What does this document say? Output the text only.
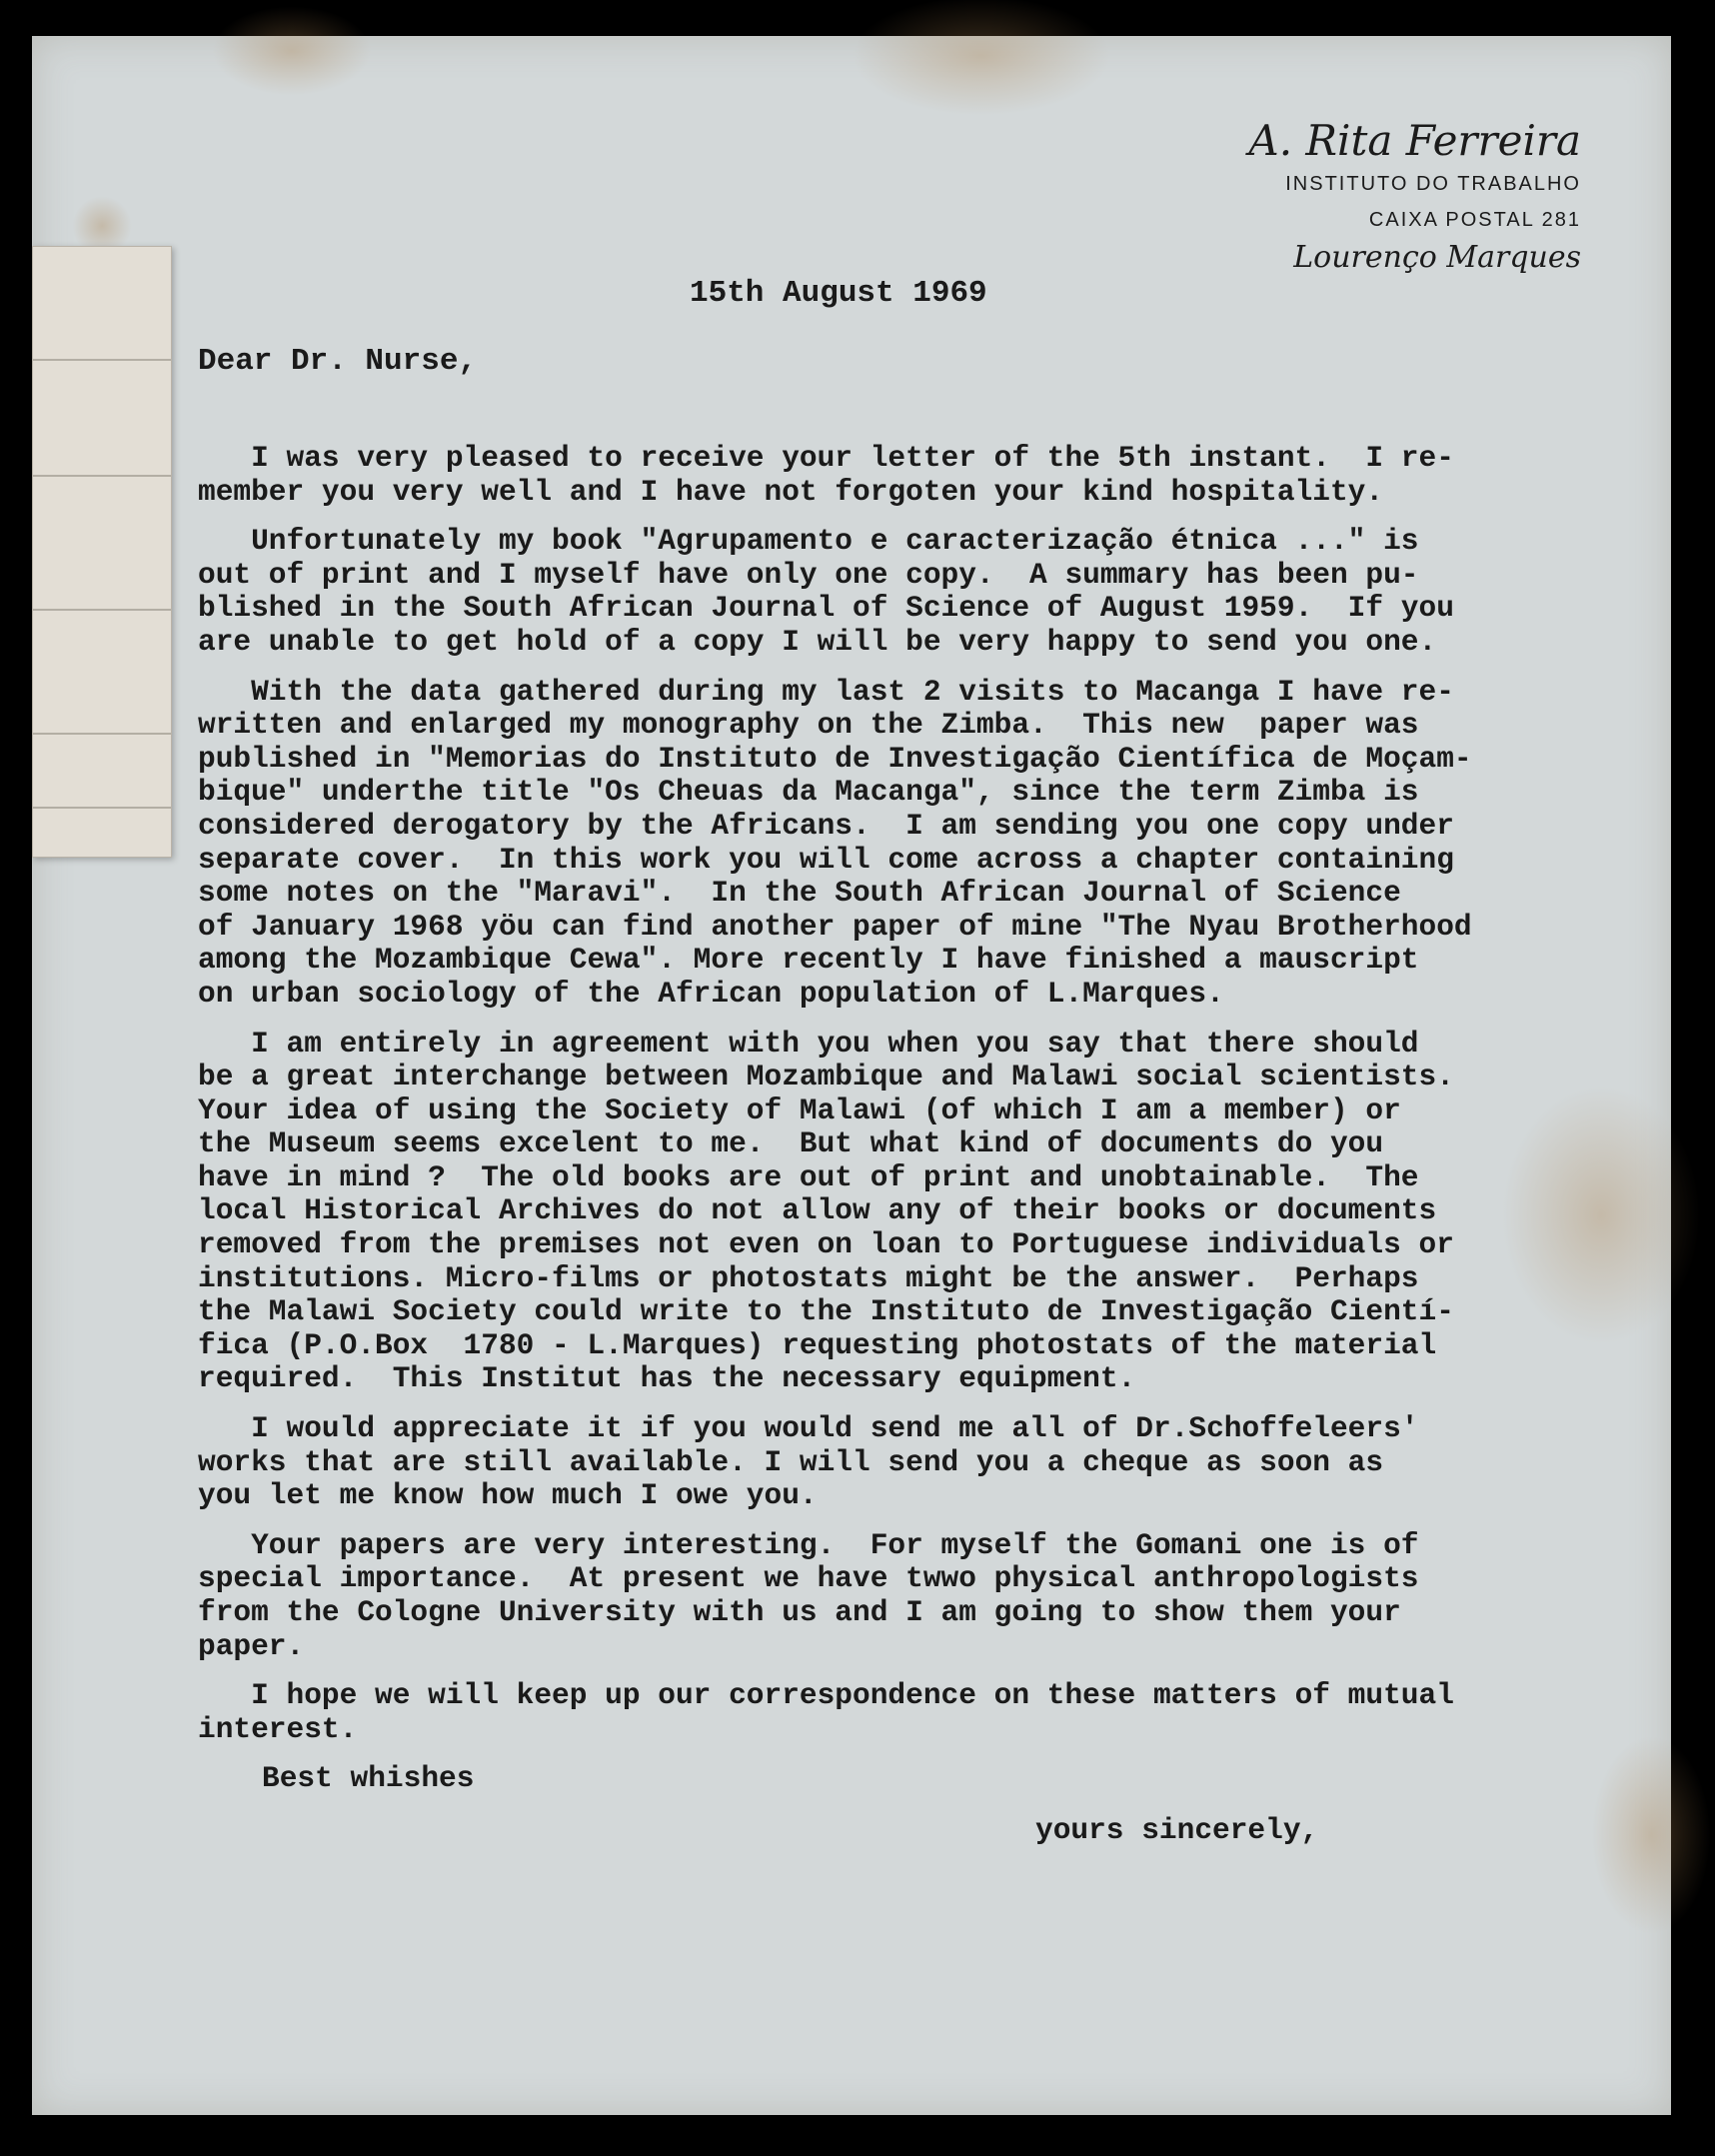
A. Rita Ferreira
INSTITUTO DO TRABALHO
CAIXA POSTAL 281
Lourenço Marques
15th August 1969
Dear Dr. Nurse,
I was very pleased to receive your letter of the 5th instant.  I re-
member you very well and I have not forgoten your kind hospitality.
Unfortunately my book "Agrupamento e caracterização étnica ..." is
out of print and I myself have only one copy.  A summary has been pu-
blished in the South African Journal of Science of August 1959.  If you
are unable to get hold of a copy I will be very happy to send you one.
With the data gathered during my last 2 visits to Macanga I have re-
written and enlarged my monography on the Zimba.  This new  paper was
published in "Memorias do Instituto de Investigação Científica de Moçam-
bique" underthe title "Os Cheuas da Macanga", since the term Zimba is
considered derogatory by the Africans.  I am sending you one copy under
separate cover.  In this work you will come across a chapter containing
some notes on the "Maravi".  In the South African Journal of Science
of January 1968 yöu can find another paper of mine "The Nyau Brotherhood
among the Mozambique Cewa". More recently I have finished a mauscript
on urban sociology of the African population of L.Marques.
I am entirely in agreement with you when you say that there should
be a great interchange between Mozambique and Malawi social scientists.
Your idea of using the Society of Malawi (of which I am a member) or
the Museum seems excelent to me.  But what kind of documents do you
have in mind ?  The old books are out of print and unobtainable.  The
local Historical Archives do not allow any of their books or documents
removed from the premises not even on loan to Portuguese individuals or
institutions. Micro-films or photostats might be the answer.  Perhaps
the Malawi Society could write to the Instituto de Investigação Cientí-
fica (P.O.Box  1780 - L.Marques) requesting photostats of the material
required.  This Institut has the necessary equipment.
I would appreciate it if you would send me all of Dr.Schoffeleers'
works that are still available. I will send you a cheque as soon as
you let me know how much I owe you.
Your papers are very interesting.  For myself the Gomani one is of
special importance.  At present we have twwo physical anthropologists
from the Cologne University with us and I am going to show them your
paper.
I hope we will keep up our correspondence on these matters of mutual
interest.
Best whishes
yours sincerely,
